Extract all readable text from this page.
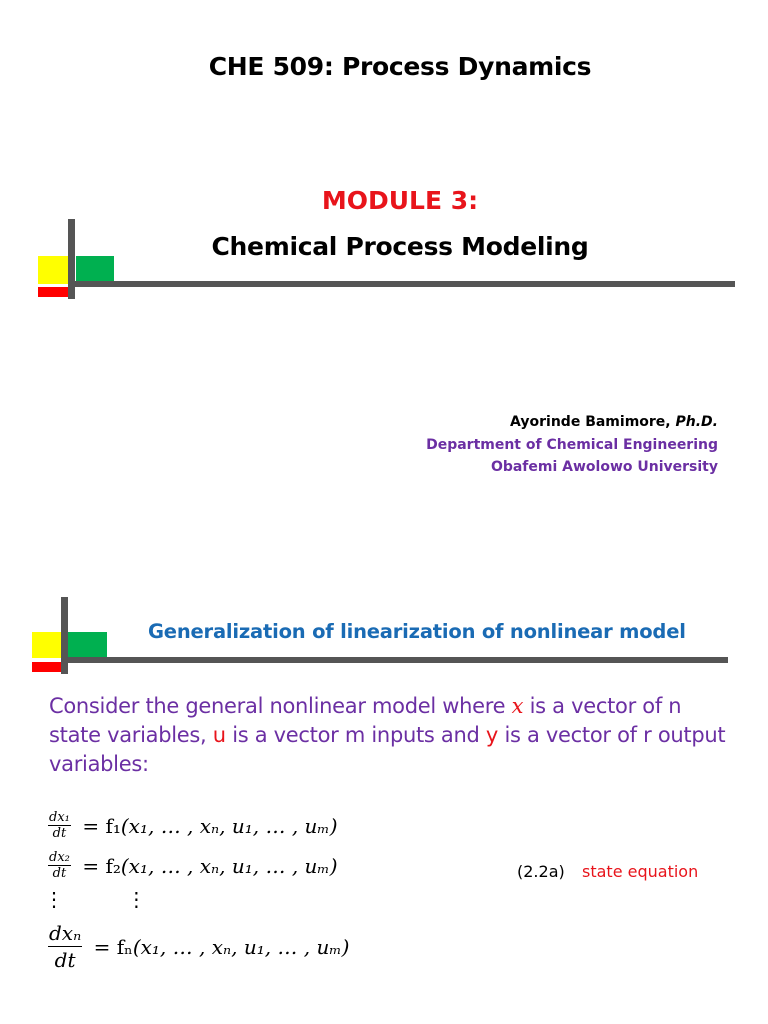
CHE 509: Process Dynamics
MODULE 3:
Chemical Process Modeling
Ayorinde Bamimore, Ph.D.
Department of Chemical Engineering
Obafemi Awolowo University
Generalization of linearization of nonlinear model
Consider the general nonlinear model where x is a vector of n state variables, u is a vector m inputs and y is a vector of r output variables:
$\frac{\text{dx₁}}{dt} = f_1(x_1$, … , xₙ, u₁, … , uₘ)
$\frac{\text{dx₂}}{dt} = f_2(x_1$, … , xₙ, u₁, … , uₘ)	(2.2a) state equation
⋮ ⋮
$\frac{\text{dxₙ}}{dt} = f_n(x_1$, … , xₙ, u₁, … , uₘ)
